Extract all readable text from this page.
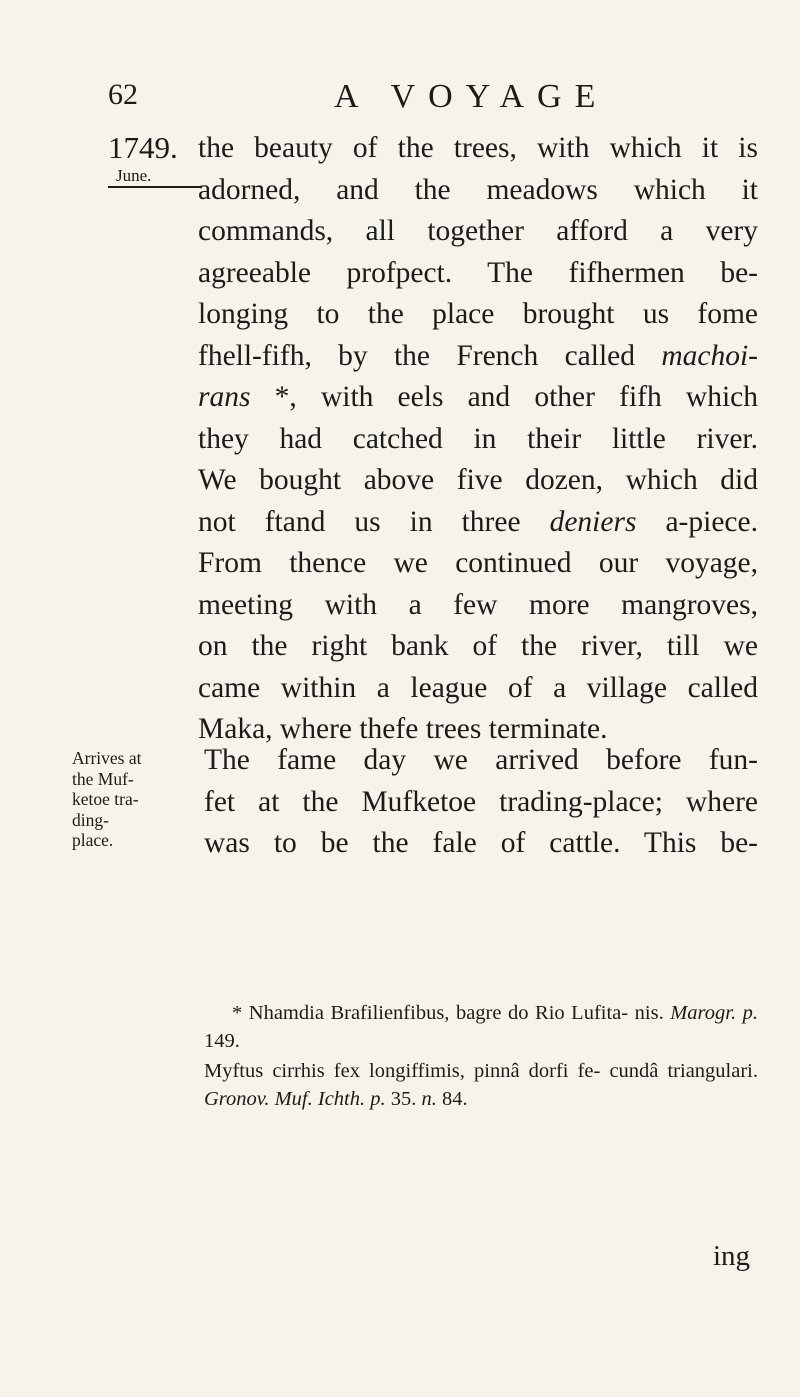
62	A VOYAGE
1749.
June.

the beauty of the trees, with which it is

adorned, and the meadows which it

commands, all together afford a very

agreeable profpect. The fifhermen be-

longing to the place brought us fome

fhell-fifh, by the French called machoi-

rans *, with eels and other fifh which

they had catched in their little river.

We bought above five dozen, which did

not ftand us in three deniers a-piece.

From thence we continued our voyage,

meeting with a few more mangroves,

on the right bank of the river, till we

came within a league of a village called

Maka, where thefe trees terminate.

Arrives at
the Muf-
ketoe tra-
ding-
place.

The fame day we arrived before fun-

fet at the Mufketoe trading-place; where

was to be the fale of cattle. This be-

* Nhamdia Brafilienfibus, bagre do Rio Lufita- nis. Marogr. p. 149.

Myftus cirrhis fex longiffimis, pinnâ dorfi fe- cundâ triangulari. Gronov. Muf. Ichth. p. 35. n. 84.

ing
